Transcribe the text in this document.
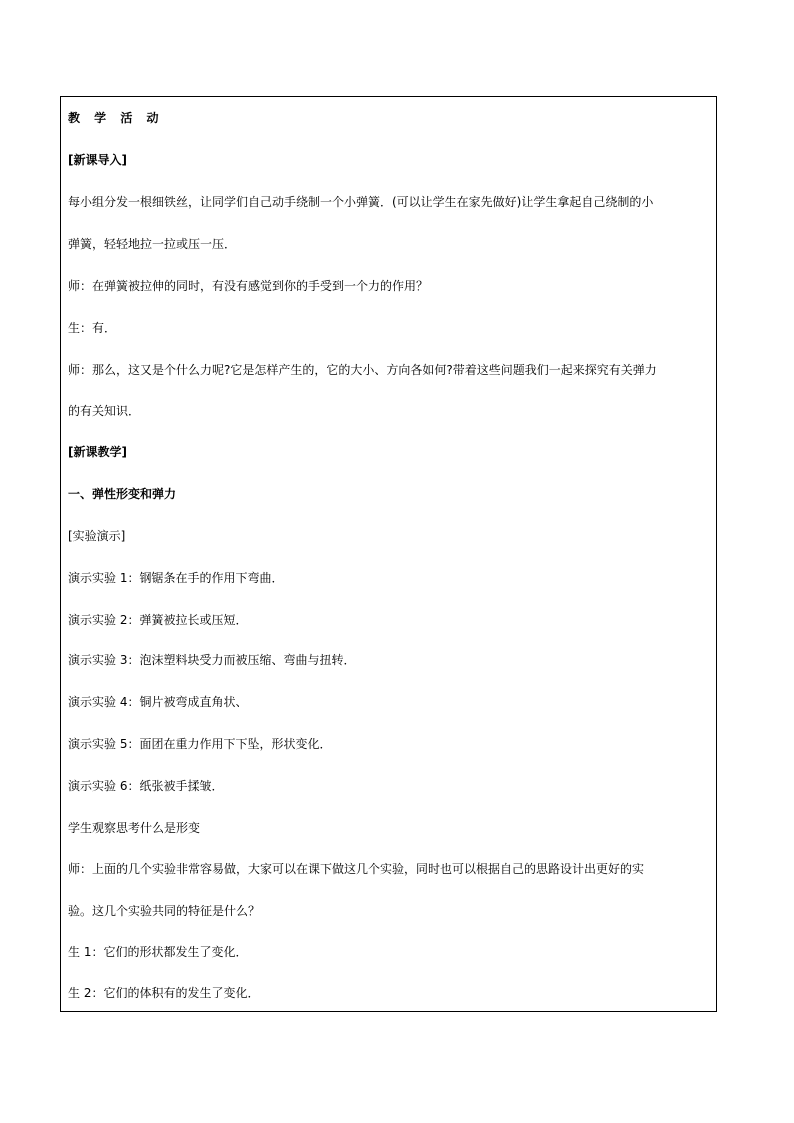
教 学 活 动
[新课导入]
每小组分发一根细铁丝，让同学们自己动手绕制一个小弹簧．(可以让学生在家先做好)让学生拿起自己绕制的小
弹簧，轻轻地拉一拉或压一压．
师：在弹簧被拉伸的同时，有没有感觉到你的手受到一个力的作用？
生：有．
师：那么，这又是个什么力呢?它是怎样产生的，它的大小、方向各如何?带着这些问题我们一起来探究有关弹力
的有关知识．
[新课教学]
一、弹性形变和弹力
[实验演示]
演示实验 1：钢锯条在手的作用下弯曲．
演示实验 2：弹簧被拉长或压短．
演示实验 3：泡沫塑料块受力而被压缩、弯曲与扭转．
演示实验 4：铜片被弯成直角状、
演示实验 5：面团在重力作用下下坠，形状变化．
演示实验 6：纸张被手揉皱．
学生观察思考什么是形变
师：上面的几个实验非常容易做，大家可以在课下做这几个实验，同时也可以根据自己的思路设计出更好的实
验。这几个实验共同的特征是什么？
生 1：它们的形状都发生了变化．
生 2：它们的体积有的发生了变化．
